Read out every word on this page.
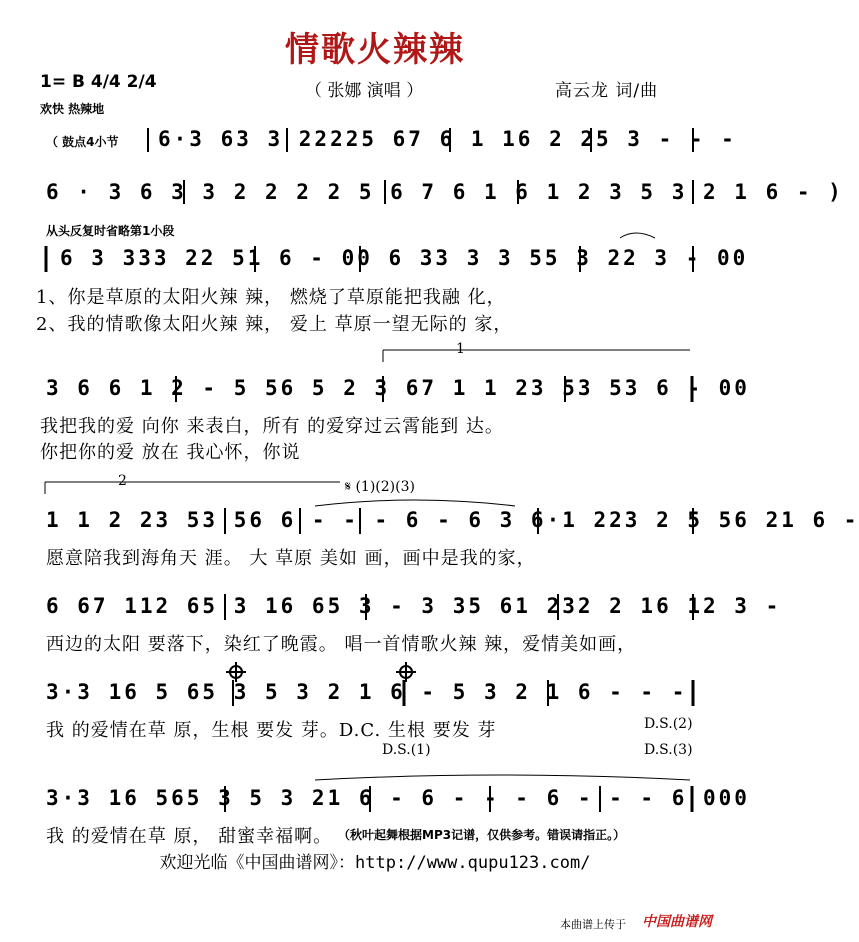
情歌火辣辣
1= B 4/4 2/4
欢快 热辣地
（ 张娜 演唱 ）	高云龙 词/曲
（ 鼓点4小节 6·3 63 3 22225 67 6 1 16 2 25 3 - - -
6 · 3 6 3 3 2 2 2 2 5 6 7 6 1 6 1 2 3 5 3 2 1 6 - )
从头反复时省略第1小段
6 3 333 22 51 6 - 00 6 33 3 3 55 3 22 3 - 00
1、你是草原的太阳火辣 辣， 燃烧了草原能把我融 化，
2、我的情歌像太阳火辣 辣， 爱上 草原一望无际的 家，
1
3 6 6 1 2 - 5 56 5 2 3 67 1 1 23 53 53 6 - 00
我把我的爱 向你 来表白，所有 的爱穿过云霄能到 达。
你把你的爱 放在 我心怀，你说
2	𝄋 (1)(2)(3)
1 1 2 23 53 56 6 - - - 6 - 6 3 6·1 223 2 5 56 21 6 -
愿意陪我到海角天 涯。 大 草原 美如 画，画中是我的家，
6 67 112 65 3 16 65 3 - 3 35 61 232 2 16 12 3 -
西边的太阳 要落下，染红了晚霞。 唱一首情歌火辣 辣，爱情美如画，
3·3 16 5 65 3 5 3 2 1 6 - 5 3 2 1 6 - - -
我 的爱情在草 原，生根 要发 芽。D.C. 生根 要发 芽	D.S.(2)
D.S.(1)	D.S.(3)
3·3 16 565 3 5 3 21 6 - 6 - - - 6 - - - 6 000
我 的爱情在草 原， 甜蜜幸福啊。 （秋叶起舞根据MP3记谱，仅供参考。错误请指正。）
欢迎光临《中国曲谱网》：http://www.qupu123.com/
本曲谱上传于 中国曲谱网
